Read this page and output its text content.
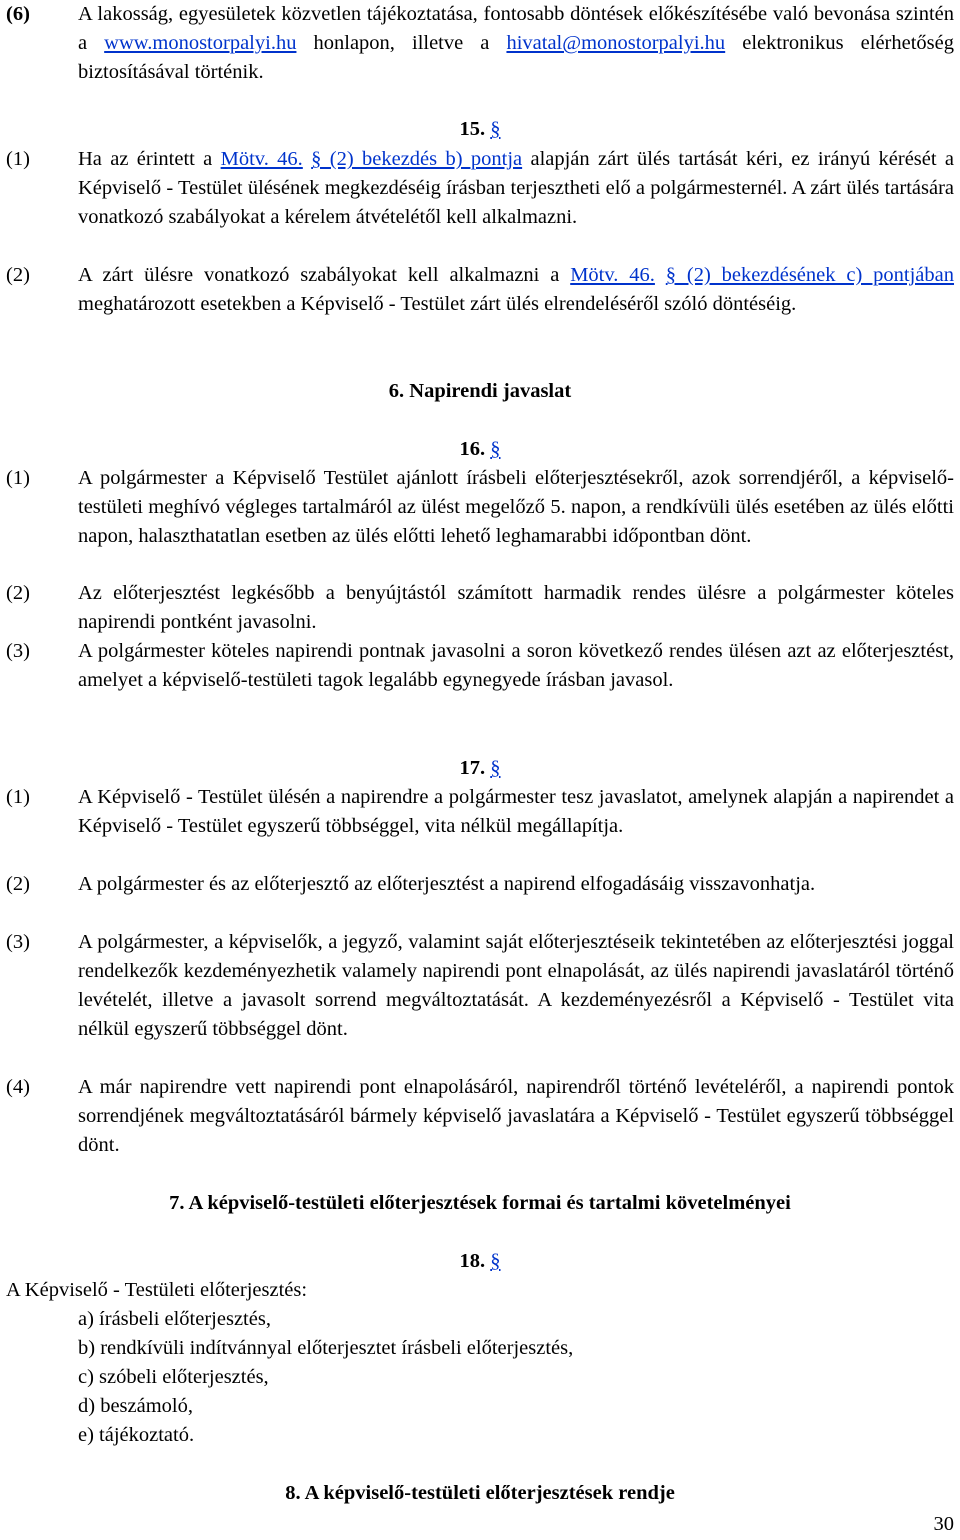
(6) A lakosság, egyesületek közvetlen tájékoztatása, fontosabb döntések előkészítésébe való bevonása szintén a www.monostorpalyi.hu honlapon, illetve a hivatal@monostorpalyi.hu elektronikus elérhetőség biztosításával történik.
15. §
(1) Ha az érintett a Mötv. 46. § (2) bekezdés b) pontja alapján zárt ülés tartását kéri, ez irányú kérését a Képviselő - Testület ülésének megkezdéséig írásban terjesztheti elő a polgármesternél. A zárt ülés tartására vonatkozó szabályokat a kérelem átvételétől kell alkalmazni.
(2) A zárt ülésre vonatkozó szabályokat kell alkalmazni a Mötv. 46. § (2) bekezdésének c) pontjában meghatározott esetekben a Képviselő - Testület zárt ülés elrendeléséről szóló döntéséig.
6. Napirendi javaslat
16. §
(1) A polgármester a Képviselő Testület ajánlott írásbeli előterjesztésekről, azok sorrendjéről, a képviselő-testületi meghívó végleges tartalmáról az ülést megelőző 5. napon, a rendkívüli ülés esetében az ülés előtti napon, halaszthatatlan esetben az ülés előtti lehető leghamarabbi időpontban dönt.
(2) Az előterjesztést legkésőbb a benyújtástól számított harmadik rendes ülésre a polgármester köteles napirendi pontként javasolni.
(3) A polgármester köteles napirendi pontnak javasolni a soron következő rendes ülésen azt az előterjesztést, amelyet a képviselő-testületi tagok legalább egynegyede írásban javasol.
17. §
(1) A Képviselő - Testület ülésén a napirendre a polgármester tesz javaslatot, amelynek alapján a napirendet a Képviselő - Testület egyszerű többséggel, vita nélkül megállapítja.
(2) A polgármester és az előterjesztő az előterjesztést a napirend elfogadásáig visszavonhatja.
(3) A polgármester, a képviselők, a jegyző, valamint saját előterjesztéseik tekintetében az előterjesztési joggal rendelkezők kezdeményezhetik valamely napirendi pont elnapolását, az ülés napirendi javaslatáról történő levételét, illetve a javasolt sorrend megváltoztatását. A kezdeményezésről a Képviselő - Testület vita nélkül egyszerű többséggel dönt.
(4) A már napirendre vett napirendi pont elnapolásáról, napirendről történő levételéről, a napirendi pontok sorrendjének megváltoztatásáról bármely képviselő javaslatára a Képviselő - Testület egyszerű többséggel dönt.
7. A képviselő-testületi előterjesztések formai és tartalmi követelményei
18. §
A Képviselő - Testületi előterjesztés:
a) írásbeli előterjesztés,
b) rendkívüli indítvánnyal előterjesztet írásbeli előterjesztés,
c) szóbeli előterjesztés,
d) beszámoló,
e) tájékoztató.
8. A képviselő-testületi előterjesztések rendje
30
